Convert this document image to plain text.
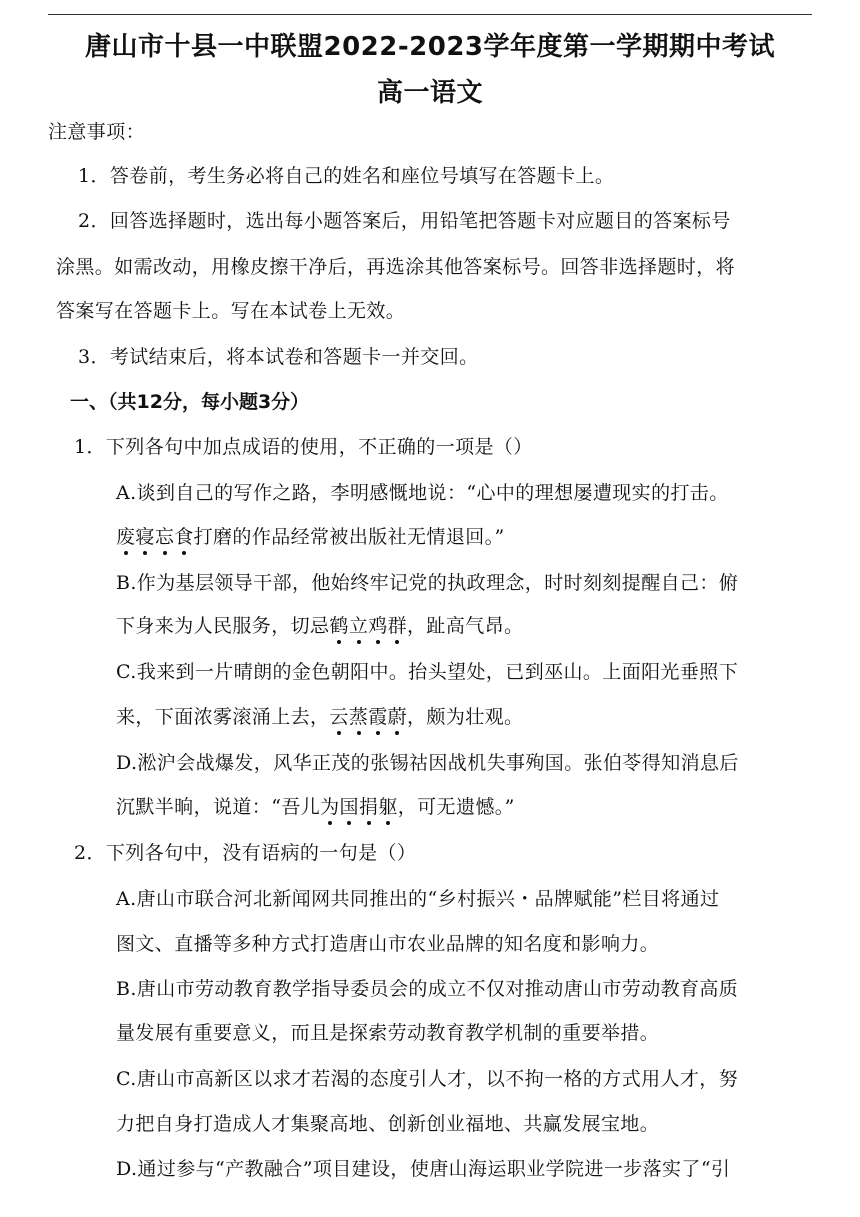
唐山市十县一中联盟2022-2023学年度第一学期期中考试
高一语文
注意事项：
1．答卷前，考生务必将自己的姓名和座位号填写在答题卡上。
2．回答选择题时，选出每小题答案后，用铅笔把答题卡对应题目的答案标号
涂黑。如需改动，用橡皮擦干净后，再选涂其他答案标号。回答非选择题时，将
答案写在答题卡上。写在本试卷上无效。
3．考试结束后，将本试卷和答题卡一并交回。
一、（共12分，每小题3分）
1．下列各句中加点成语的使用，不正确的一项是（）
A.谈到自己的写作之路，李明感慨地说：“心中的理想屡遭现实的打击。
废寝忘食打磨的作品经常被出版社无情退回。”
B.作为基层领导干部，他始终牢记党的执政理念，时时刻刻提醒自己：俯
下身来为人民服务，切忌鹤立鸡群，趾高气昂。
C.我来到一片晴朗的金色朝阳中。抬头望处，已到巫山。上面阳光垂照下
来，下面浓雾滚涌上去，云蒸霞蔚，颇为壮观。
D.淞沪会战爆发，风华正茂的张锡祜因战机失事殉国。张伯苓得知消息后
沉默半晌，说道：“吾儿为国捐躯，可无遗憾。”
2．下列各句中，没有语病的一句是（）
A.唐山市联合河北新闻网共同推出的“乡村振兴・品牌赋能”栏目将通过
图文、直播等多种方式打造唐山市农业品牌的知名度和影响力。
B.唐山市劳动教育教学指导委员会的成立不仅对推动唐山市劳动教育高质
量发展有重要意义，而且是探索劳动教育教学机制的重要举措。
C.唐山市高新区以求才若渴的态度引人才，以不拘一格的方式用人才，努
力把自身打造成人才集聚高地、创新创业福地、共赢发展宝地。
D.通过参与“产教融合”项目建设，使唐山海运职业学院进一步落实了“引
